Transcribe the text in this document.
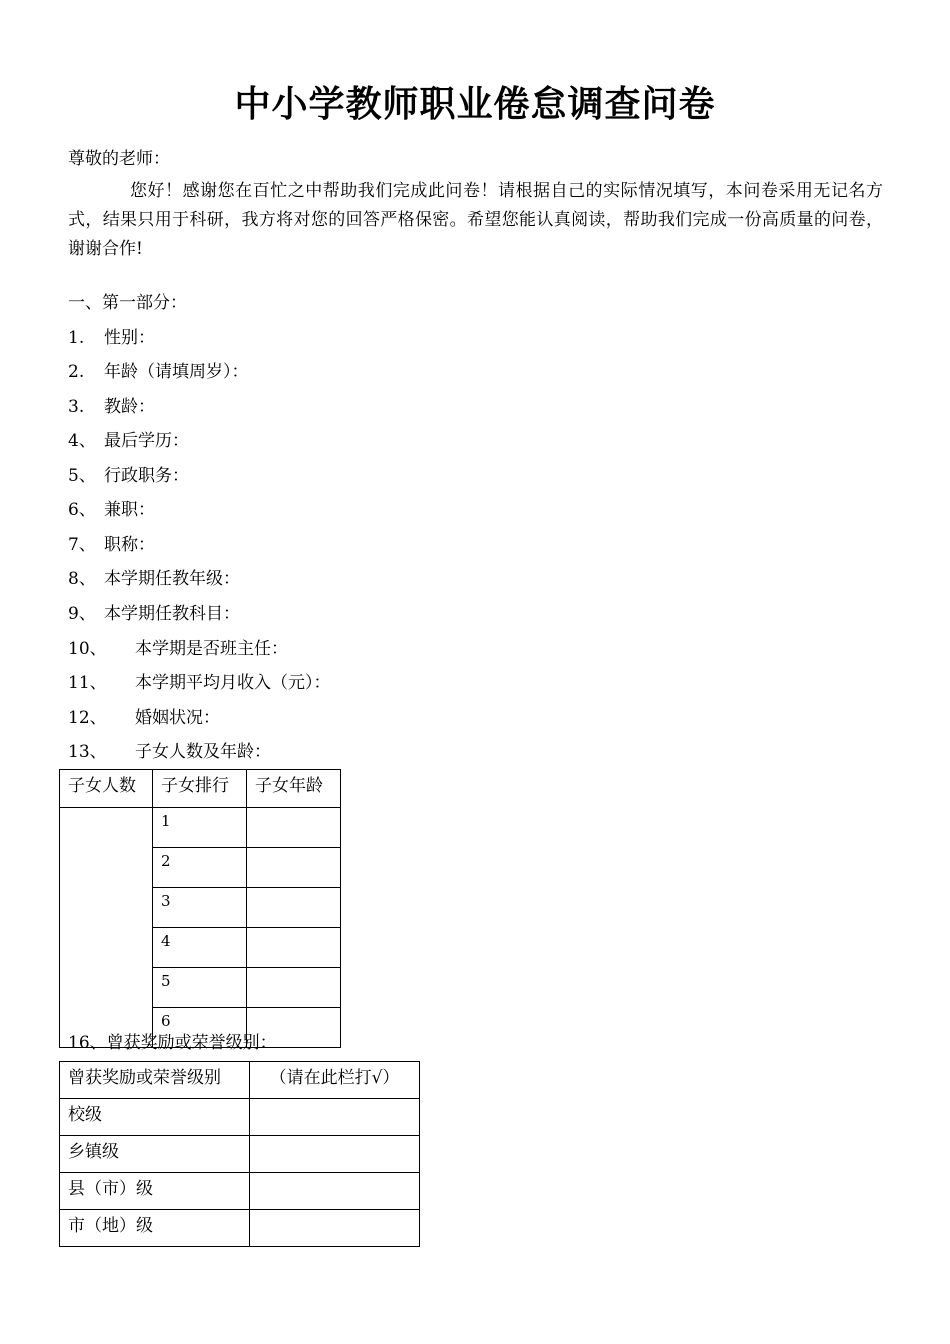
中小学教师职业倦怠调查问卷
尊敬的老师：
您好！感谢您在百忙之中帮助我们完成此问卷！请根据自己的实际情况填写，本问卷采用无记名方式，结果只用于科研，我方将对您的回答严格保密。希望您能认真阅读，帮助我们完成一份高质量的问卷，谢谢合作!
一、第一部分：
1. 性别：
2. 年龄（请填周岁）：
3. 教龄：
4、 最后学历：
5、 行政职务：
6、 兼职：
7、 职称：
8、 本学期任教年级：
9、 本学期任教科目：
10、 本学期是否班主任：
11、 本学期平均月收入（元）：
12、 婚姻状况：
13、 子女人数及年龄：
子女人数	子女排行	子女年龄
	1	
	2	
	3	
	4	
	5	
	6	
16、曾获奖励或荣誉级别：
曾获奖励或荣誉级别	（请在此栏打√）
校级	
乡镇级	
县（市）级	
市（地）级	
